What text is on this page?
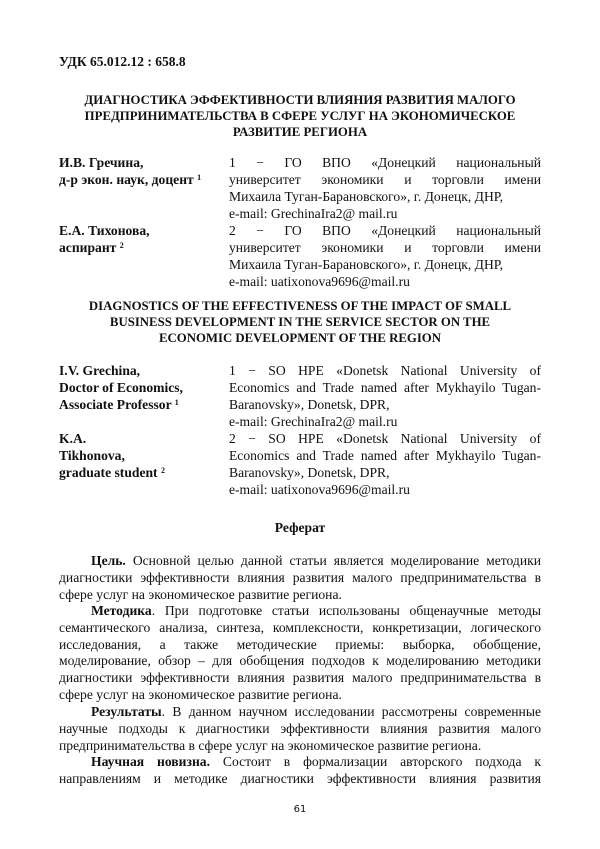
УДК 65.012.12 : 658.8
ДИАГНОСТИКА ЭФФЕКТИВНОСТИ ВЛИЯНИЯ РАЗВИТИЯ МАЛОГО
ПРЕДПРИНИМАТЕЛЬСТВА В СФЕРЕ УСЛУГ НА ЭКОНОМИЧЕСКОЕ
РАЗВИТИЕ РЕГИОНА
И.В. Гречина,
д-р экон. наук, доцент $^1$
1 − ГО ВПО «Донецкий национальный
университет экономики и торговли имени
Михаила Туган-Барановского», г. Донецк, ДНР,
e-mail: GrechinaIra2@ mail.ru
Е.А. Тихонова,
аспирант $^2$
2 − ГО ВПО «Донецкий национальный
университет экономики и торговли имени
Михаила Туган-Барановского», г. Донецк, ДНР,
e-mail: uatixonova9696@mail.ru
DIAGNOSTICS OF THE EFFECTIVENESS OF THE IMPACT OF SMALL
BUSINESS DEVELOPMENT IN THE SERVICE SECTOR ON THE
ECONOMIC DEVELOPMENT OF THE REGION
I.V. Grechina,
Doctor of Economics,
Associate Professor $^1$
1 − SO HPE «Donetsk National University of
Economics and Trade named after Mykhayilo Tugan-
Baranovsky», Donetsk, DPR,
e-mail: GrechinaIra2@ mail.ru
K.A.
Tikhonova,
graduate student $^2$
2 − SO HPE «Donetsk National University of
Economics and Trade named after Mykhayilo Tugan-
Baranovsky», Donetsk, DPR,
e-mail: uatixonova9696@mail.ru
Реферат
Цель. Основной целью данной статьи является моделирование методики
диагностики эффективности влияния развития малого предпринимательства в
сфере услуг на экономическое развитие региона.
Методика. При подготовке статьи использованы общенаучные методы
семантического анализа, синтеза, комплексности, конкретизации, логического
исследования, а также методические приемы: выборка, обобщение,
моделирование, обзор – для обобщения подходов к моделированию методики
диагностики эффективности влияния развития малого предпринимательства в
сфере услуг на экономическое развитие региона.
Результаты. В данном научном исследовании рассмотрены современные
научные подходы к диагностики эффективности влияния развития малого
предпринимательства в сфере услуг на экономическое развитие региона.
Научная новизна. Состоит в формализации авторского подхода к
направлениям и методике диагностики эффективности влияния развития
61
